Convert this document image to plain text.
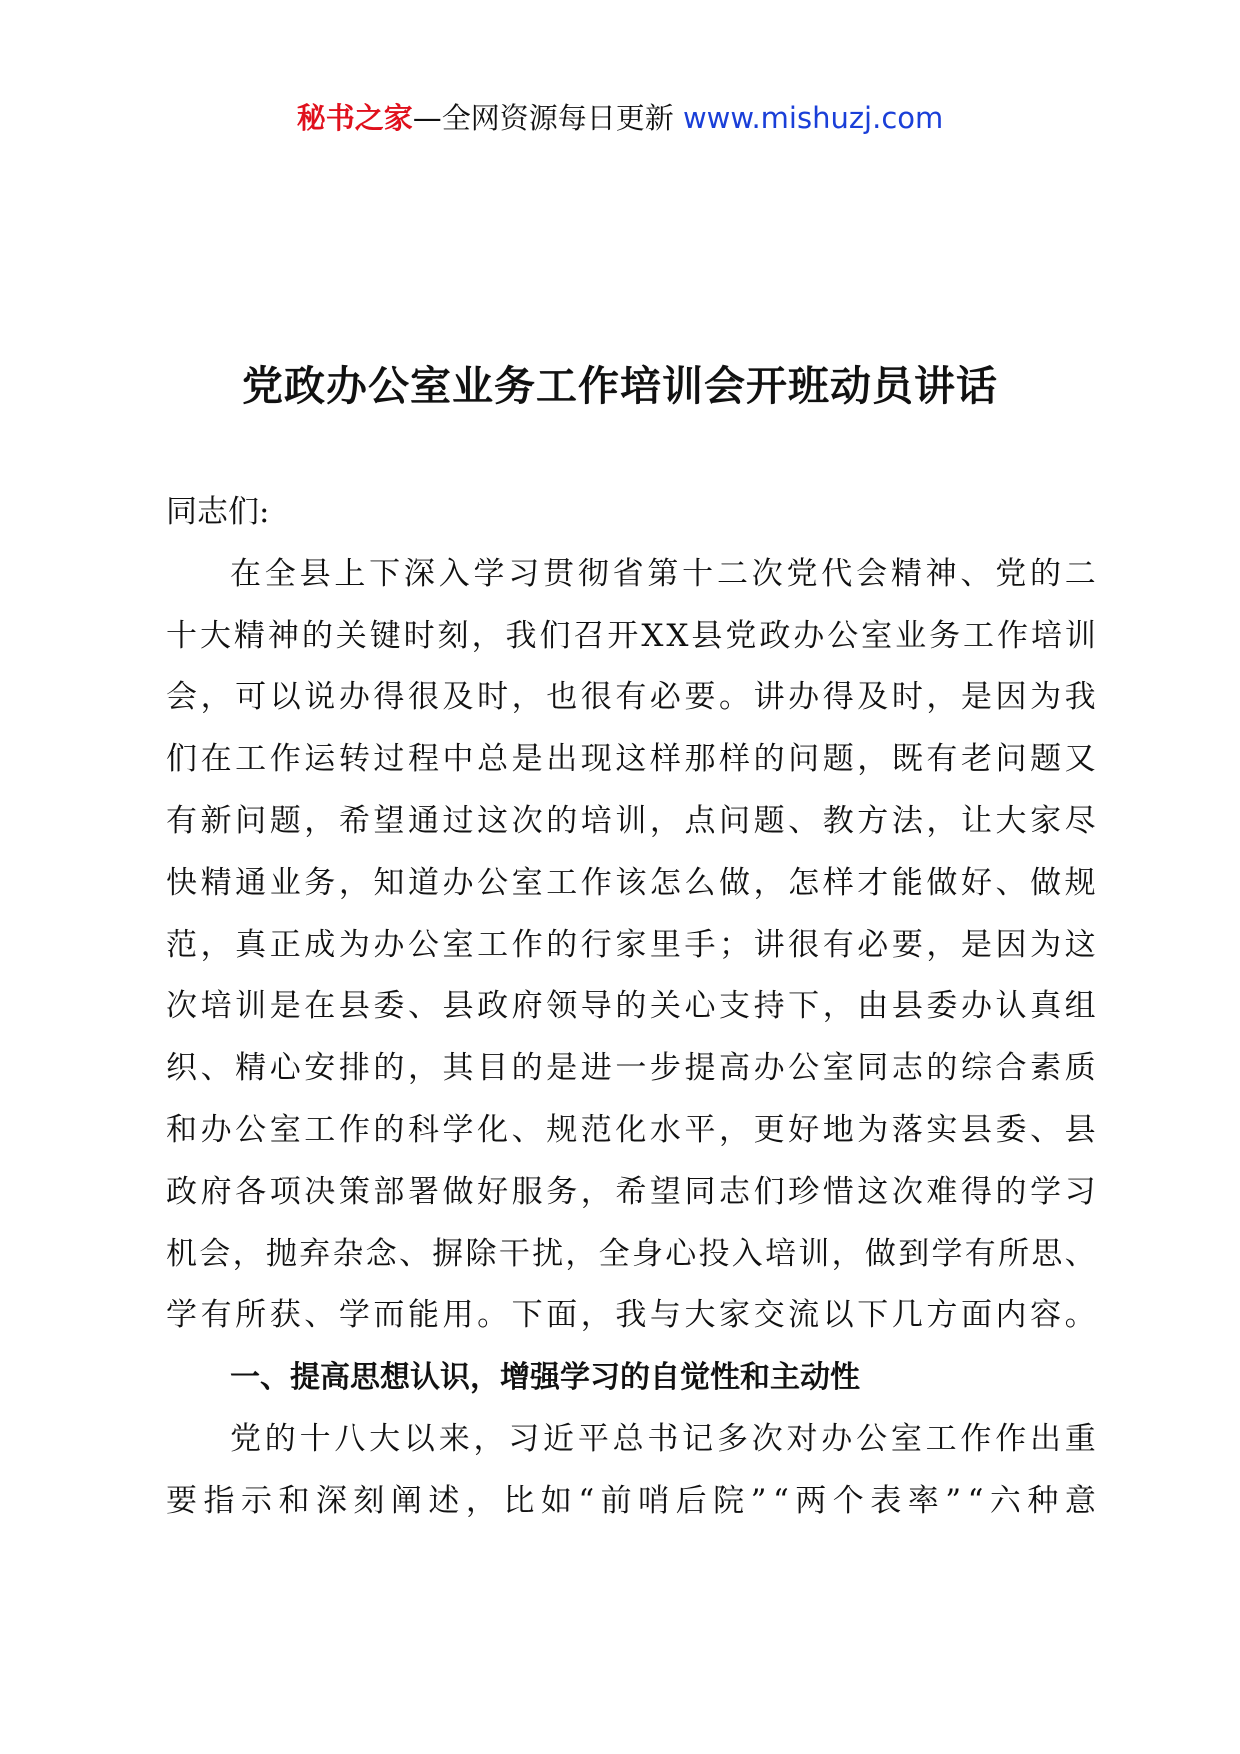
秘书之家—全网资源每日更新 www.mishuzj.com
党政办公室业务工作培训会开班动员讲话
同志们:
在 全 县 上 下 深 入 学 习 贯 彻 省 第 十 二 次 党 代 会 精 神 、 党 的 二
十 大 精 神 的 关 键 时 刻 ， 我 们 召 开 X X 县 党 政 办 公 室 业 务 工 作 培 训
会 ， 可 以 说 办 得 很 及 时 ， 也 很 有 必 要 。 讲 办 得 及 时 ， 是 因 为 我
们 在 工 作 运 转 过 程 中 总 是 出 现 这 样 那 样 的 问 题 ， 既 有 老 问 题 又
有 新 问 题 ， 希 望 通 过 这 次 的 培 训 ， 点 问 题 、 教 方 法 ， 让 大 家 尽
快 精 通 业 务 ， 知 道 办 公 室 工 作 该 怎 么 做 ， 怎 样 才 能 做 好 、 做 规
范 ， 真 正 成 为 办 公 室 工 作 的 行 家 里 手 ； 讲 很 有 必 要 ， 是 因 为 这
次 培 训 是 在 县 委 、 县 政 府 领 导 的 关 心 支 持 下 ， 由 县 委 办 认 真 组
织 、 精 心 安 排 的 ， 其 目 的 是 进 一 步 提 高 办 公 室 同 志 的 综 合 素 质
和 办 公 室 工 作 的 科 学 化 、 规 范 化 水 平 ， 更 好 地 为 落 实 县 委 、 县
政 府 各 项 决 策 部 署 做 好 服 务 ， 希 望 同 志 们 珍 惜 这 次 难 得 的 学 习
机 会 ， 抛 弃 杂 念 、 摒 除 干 扰 ， 全 身 心 投 入 培 训 ， 做 到 学 有 所 思 、
学 有 所 获 、 学 而 能 用 。 下 面 ， 我 与 大 家 交 流 以 下 几 方 面 内 容 。
一、提高思想认识，增强学习的自觉性和主动性
党 的 十 八 大 以 来 ， 习 近 平 总 书 记 多 次 对 办 公 室 工 作 作 出 重
要 指 示 和 深 刻 阐 述 ， 比 如 “ 前 哨 后 院 ” “ 两 个 表 率 ” “ 六 种 意
